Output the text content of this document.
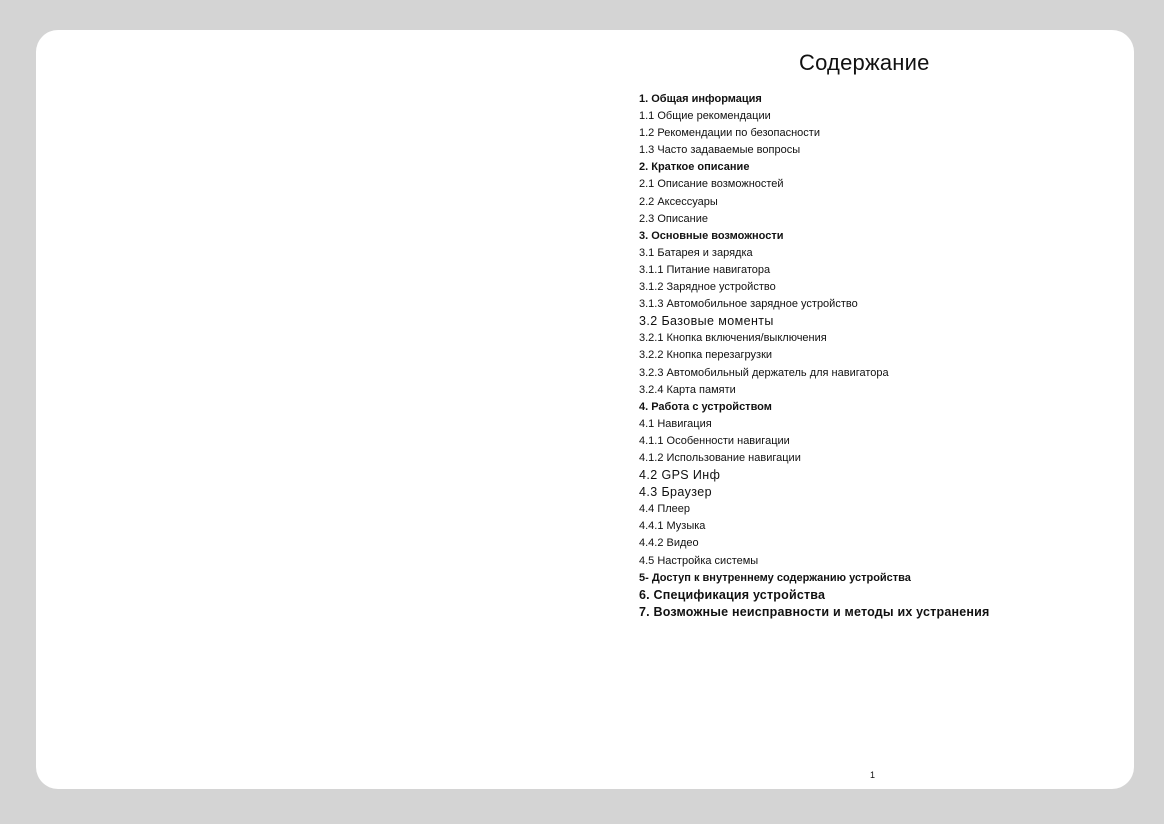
Содержание
1. Общая информация
1.1 Общие рекомендации
1.2 Рекомендации по безопасности
1.3 Часто задаваемые вопросы
2. Краткое описание
2.1 Описание возможностей
2.2 Аксессуары
2.3 Описание
3. Основные возможности
3.1 Батарея и зарядка
3.1.1 Питание навигатора
3.1.2 Зарядное устройство
3.1.3 Автомобильное зарядное устройство
3.2 Базовые моменты
3.2.1 Кнопка включения/выключения
3.2.2 Кнопка перезагрузки
3.2.3 Автомобильный держатель для навигатора
3.2.4 Карта памяти
4. Работа с устройством
4.1 Навигация
4.1.1 Особенности навигации
4.1.2 Использование навигации
4.2 GPS Инф
4.3 Браузер
4.4 Плеер
4.4.1 Музыка
4.4.2 Видео
4.5 Настройка системы
5- Доступ к внутреннему содержанию устройства
6. Спецификация устройства
7. Возможные неисправности и методы их устранения
1
